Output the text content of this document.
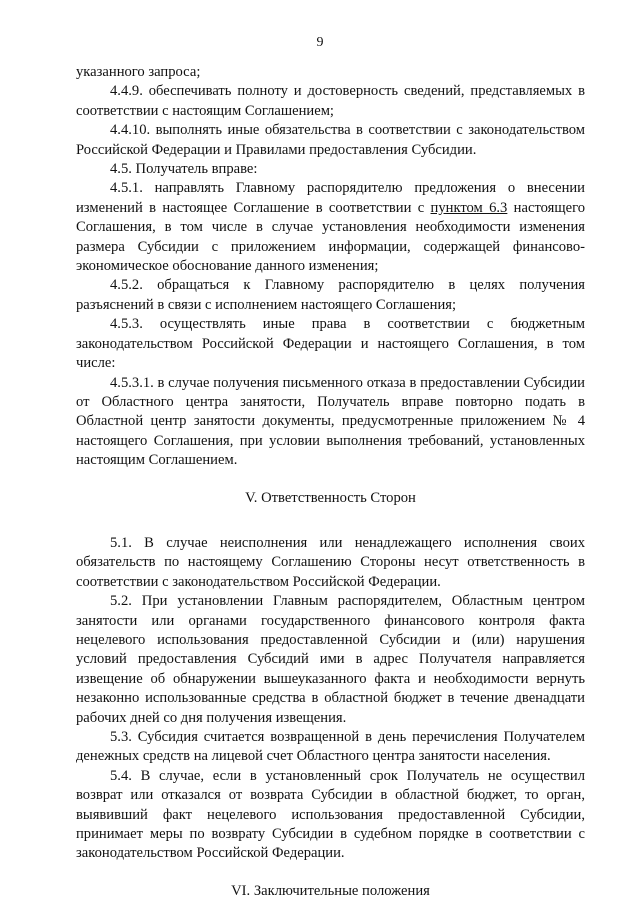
9

указанного запроса;

4.4.9. обеспечивать полноту и достоверность сведений, представляемых в соответствии с настоящим Соглашением;

4.4.10. выполнять иные обязательства в соответствии с законодательством Российской Федерации и Правилами предоставления Субсидии.

4.5. Получатель вправе:

4.5.1. направлять Главному распорядителю предложения о внесении изменений в настоящее Соглашение в соответствии с пунктом 6.3 настоящего Соглашения, в том числе в случае установления необходимости изменения размера Субсидии с приложением информации, содержащей финансово-экономическое обоснование данного изменения;

4.5.2. обращаться к Главному распорядителю в целях получения разъяснений в связи с исполнением настоящего Соглашения;

4.5.3. осуществлять иные права в соответствии с бюджетным законодательством Российской Федерации и настоящего Соглашения, в том числе:

4.5.3.1. в случае получения письменного отказа в предоставлении Субсидии от Областного центра занятости, Получатель вправе повторно подать в Областной центр занятости документы, предусмотренные приложением № 4 настоящего Соглашения, при условии выполнения требований, установленных настоящим Соглашением.

V. Ответственность Сторон

5.1. В случае неисполнения или ненадлежащего исполнения своих обязательств по настоящему Соглашению Стороны несут ответственность в соответствии с законодательством Российской Федерации.

5.2. При установлении Главным распорядителем, Областным центром занятости или органами государственного финансового контроля факта нецелевого использования предоставленной Субсидии и (или) нарушения условий предоставления Субсидий ими в адрес Получателя направляется извещение об обнаружении вышеуказанного факта и необходимости вернуть незаконно использованные средства в областной бюджет в течение двенадцати рабочих дней со дня получения извещения.

5.3. Субсидия считается возвращенной в день перечисления Получателем денежных средств на лицевой счет Областного центра занятости населения.

5.4. В случае, если в установленный срок Получатель не осуществил возврат или отказался от возврата Субсидии в областной бюджет, то орган, выявивший факт нецелевого использования предоставленной Субсидии, принимает меры по возврату Субсидии в судебном порядке в соответствии с законодательством Российской Федерации.

VI. Заключительные положения
